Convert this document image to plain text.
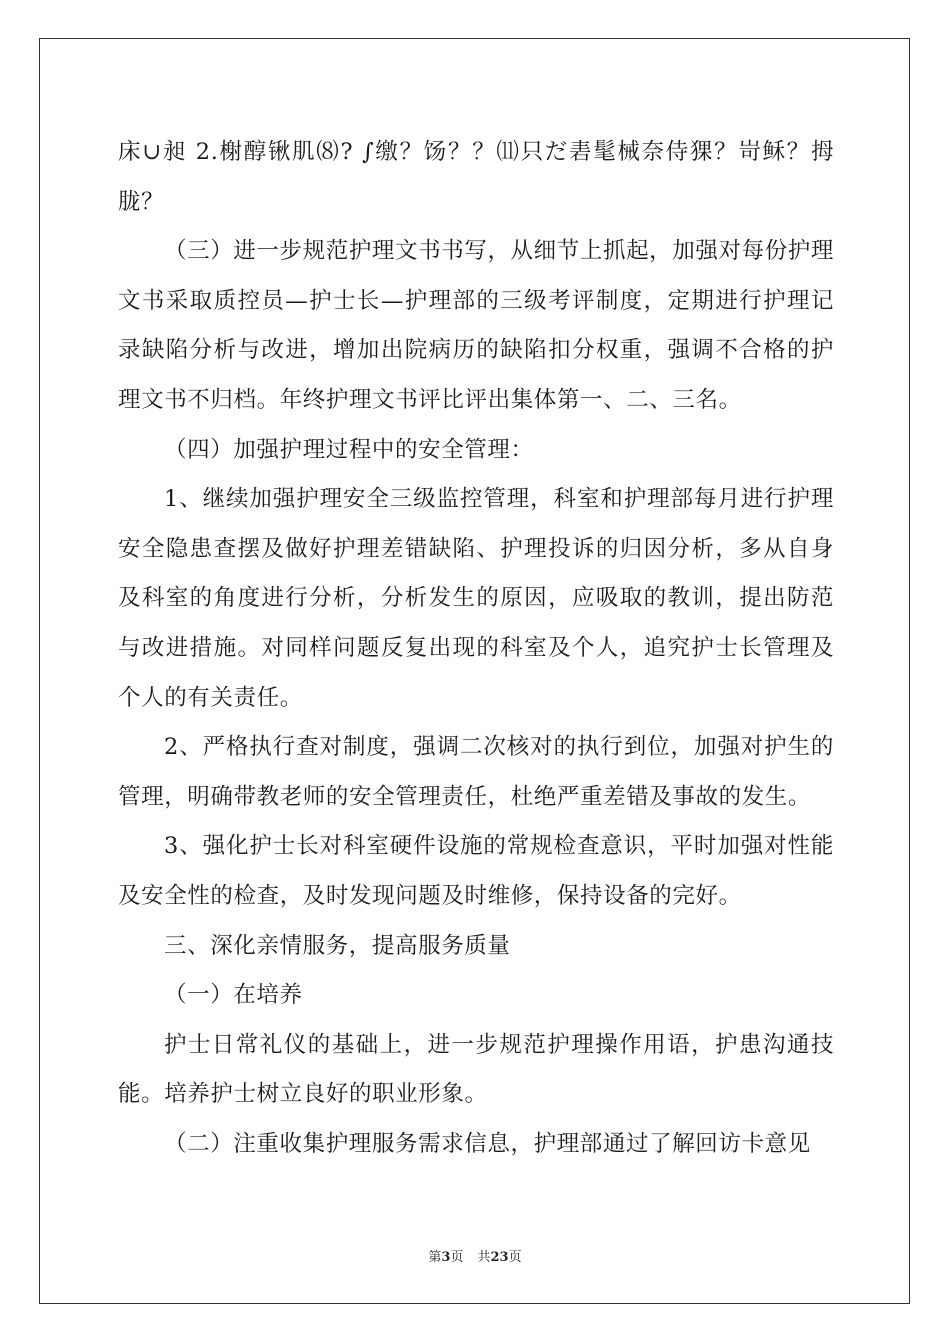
床∪昶 2.榭醇锹肌⑻? ∫缴？饧？？⑾只だ砉髦械奈侍猓？岢稣？拇胧？

（三）进一步规范护理文书书写，从细节上抓起，加强对每份护理文书采取质控员—护士长—护理部的三级考评制度，定期进行护理记录缺陷分析与改进，增加出院病历的缺陷扣分权重，强调不合格的护理文书不归档。年终护理文书评比评出集体第一、二、三名。

（四）加强护理过程中的安全管理：

1、继续加强护理安全三级监控管理，科室和护理部每月进行护理安全隐患查摆及做好护理差错缺陷、护理投诉的归因分析，多从自身及科室的角度进行分析，分析发生的原因，应吸取的教训，提出防范与改进措施。对同样问题反复出现的科室及个人，追究护士长管理及个人的有关责任。

2、严格执行查对制度，强调二次核对的执行到位，加强对护生的管理，明确带教老师的安全管理责任，杜绝严重差错及事故的发生。

3、强化护士长对科室硬件设施的常规检查意识，平时加强对性能及安全性的检查，及时发现问题及时维修，保持设备的完好。

三、深化亲情服务，提高服务质量

（一）在培养

护士日常礼仪的基础上，进一步规范护理操作用语，护患沟通技能。培养护士树立良好的职业形象。

（二）注重收集护理服务需求信息，护理部通过了解回访卡意见

第3页 共23页
